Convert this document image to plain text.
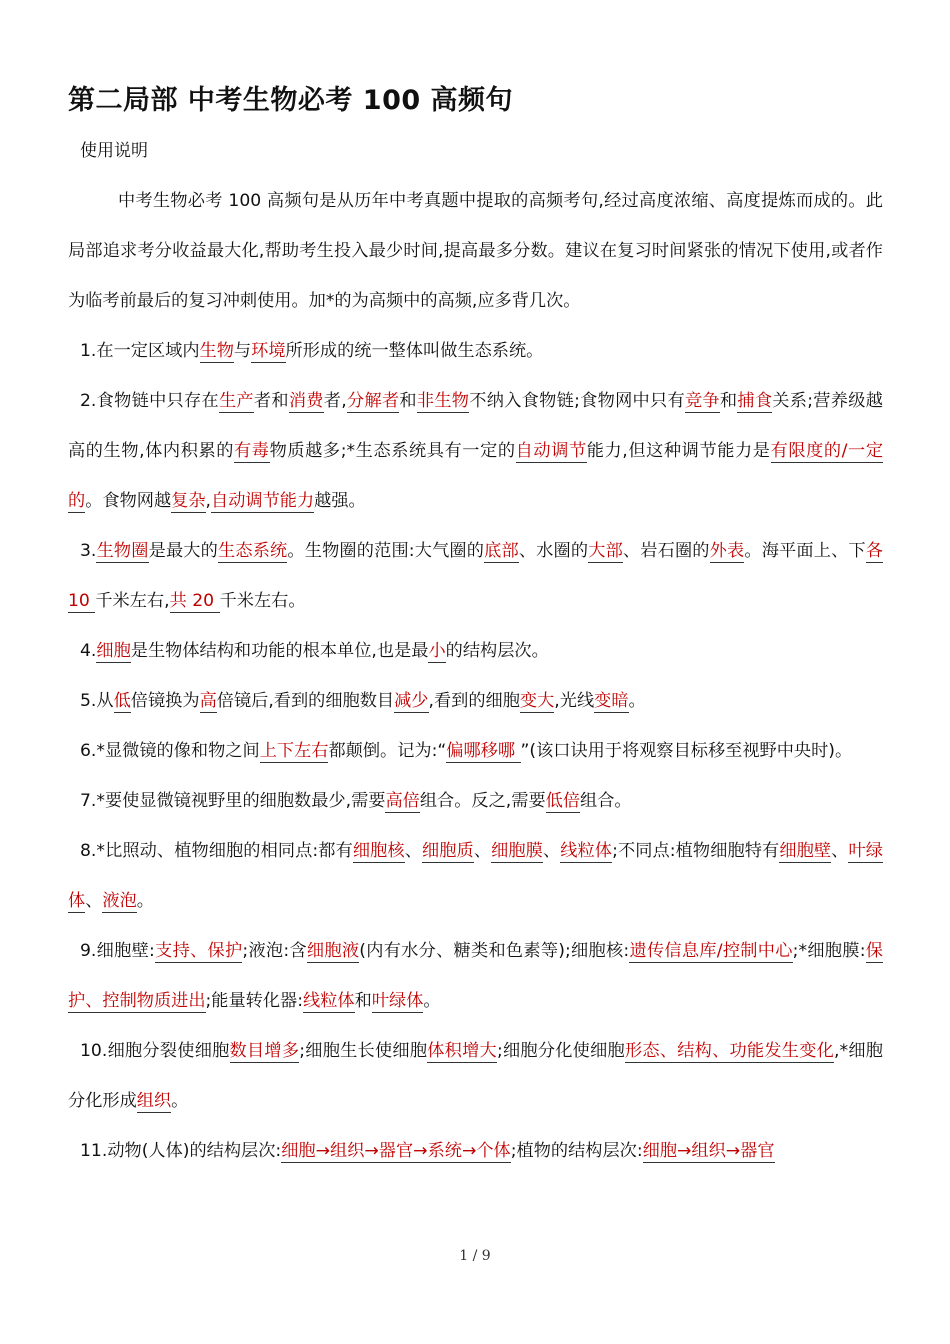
第二局部 中考生物必考 100 高频句
使用说明

中考生物必考 100 高频句是从历年中考真题中提取的高频考句,经过高度浓缩、高度提炼而成的。此局部追求考分收益最大化,帮助考生投入最少时间,提高最多分数。建议在复习时间紧张的情况下使用,或者作为临考前最后的复习冲刺使用。加*的为高频中的高频,应多背几次。

1.在一定区域内生物与环境所形成的统一整体叫做生态系统。

2.食物链中只存在生产者和消费者,分解者和非生物不纳入食物链;食物网中只有竞争和捕食关系;营养级越高的生物,体内积累的有毒物质越多;*生态系统具有一定的自动调节能力,但这种调节能力是有限度的/一定的。食物网越复杂,自动调节能力越强。

3.生物圈是最大的生态系统。生物圈的范围:大气圈的底部、水圈的大部、岩石圈的外表。海平面上、下各 10 千米左右,共 20 千米左右。

4.细胞是生物体结构和功能的根本单位,也是最小的结构层次。

5.从低倍镜换为高倍镜后,看到的细胞数目减少,看到的细胞变大,光线变暗。

6.*显微镜的像和物之间上下左右都颠倒。记为:“偏哪移哪 ”(该口诀用于将观察目标移至视野中央时)。

7.*要使显微镜视野里的细胞数最少,需要高倍组合。反之,需要低倍组合。

8.*比照动、植物细胞的相同点:都有细胞核、细胞质、细胞膜、线粒体;不同点:植物细胞特有细胞壁、叶绿体、液泡。

9.细胞壁:支持、保护;液泡:含细胞液(内有水分、糖类和色素等);细胞核:遗传信息库/控制中心;*细胞膜:保护、控制物质进出;能量转化器:线粒体和叶绿体。

10.细胞分裂使细胞数目增多;细胞生长使细胞体积增大;细胞分化使细胞形态、结构、功能发生变化,*细胞分化形成组织。

11.动物(人体)的结构层次:细胞→组织→器官→系统→个体;植物的结构层次:细胞→组织→器官

1 / 9
